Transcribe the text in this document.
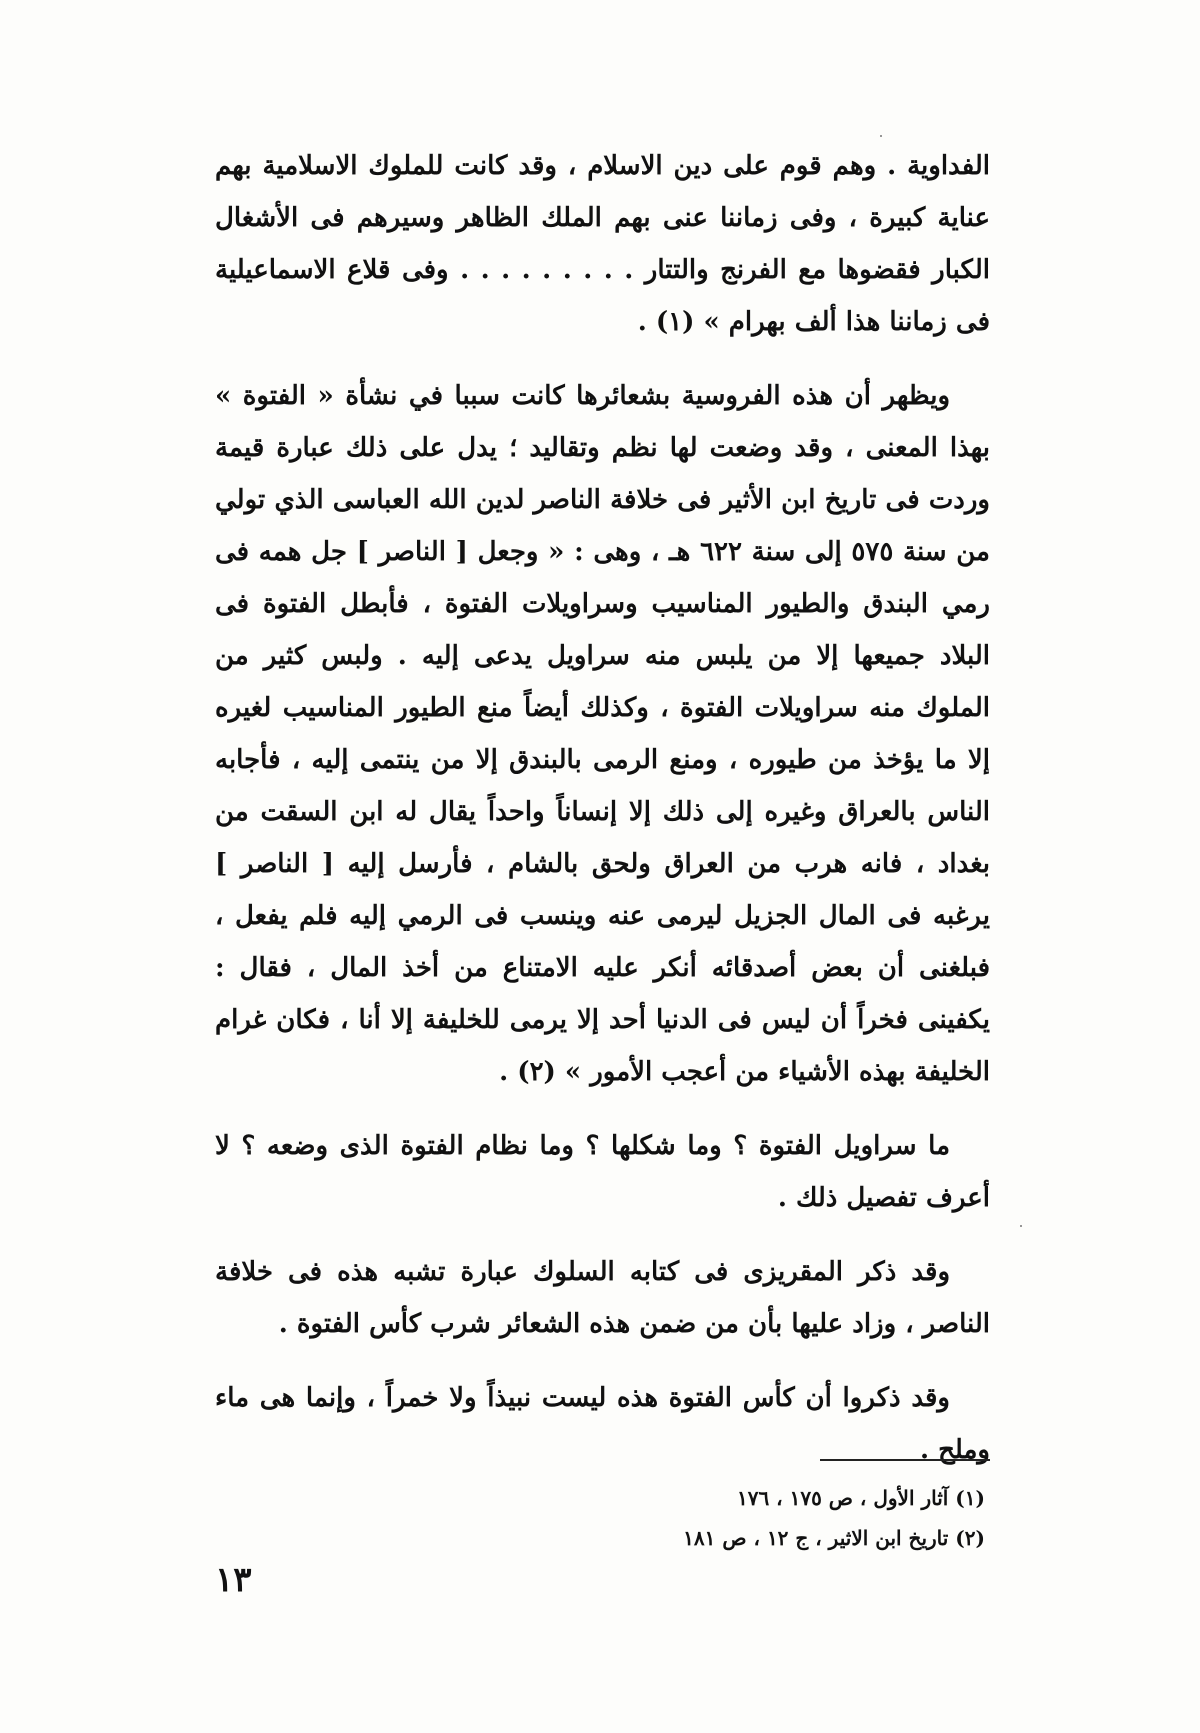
الفداوية . وهم قوم على دين الاسلام ، وقد كانت للملوك الاسلامية بهم عناية كبيرة ، وفى زماننا عنى بهم الملك الظاهر وسيرهم فى الأشغال الكبار فقضوها مع الفرنج والتتار . . . . . . . . . وفى قلاع الاسماعيلية فى زماننا هذا ألف بهرام » (١) .

ويظهر أن هذه الفروسية بشعائرها كانت سببا في نشأة « الفتوة » بهذا المعنى ، وقد وضعت لها نظم وتقاليد ؛ يدل على ذلك عبارة قيمة وردت فى تاريخ ابن الأثير فى خلافة الناصر لدين الله العباسى الذي تولي من سنة ٥٧٥ إلى سنة ٦٢٢ هـ ، وهى : « وجعل [ الناصر ] جل همه فى رمي البندق والطيور المناسيب وسراويلات الفتوة ، فأبطل الفتوة فى البلاد جميعها إلا من يلبس منه سراويل يدعى إليه . ولبس كثير من الملوك منه سراويلات الفتوة ، وكذلك أيضاً منع الطيور المناسيب لغيره إلا ما يؤخذ من طيوره ، ومنع الرمى بالبندق إلا من ينتمى إليه ، فأجابه الناس بالعراق وغيره إلى ذلك إلا إنساناً واحداً يقال له ابن السقت من بغداد ، فانه هرب من العراق ولحق بالشام ، فأرسل إليه [ الناصر ] يرغبه فى المال الجزيل ليرمى عنه وينسب فى الرمي إليه فلم يفعل ، فبلغنى أن بعض أصدقائه أنكر عليه الامتناع من أخذ المال ، فقال : يكفينى فخراً أن ليس فى الدنيا أحد إلا يرمى للخليفة إلا أنا ، فكان غرام الخليفة بهذه الأشياء من أعجب الأمور » (٢) .

ما سراويل الفتوة ؟ وما شكلها ؟ وما نظام الفتوة الذى وضعه ؟ لا أعرف تفصيل ذلك .

وقد ذكر المقريزى فى كتابه السلوك عبارة تشبه هذه فى خلافة الناصر ، وزاد عليها بأن من ضمن هذه الشعائر شرب كأس الفتوة .

وقد ذكروا أن كأس الفتوة هذه ليست نبيذاً ولا خمراً ، وإنما هى ماء وملح .

(١) آثار الأول ، ص ١٧٥ ، ١٧٦

(٢) تاريخ ابن الاثير ، ج ١٢ ، ص ١٨١

١٣
